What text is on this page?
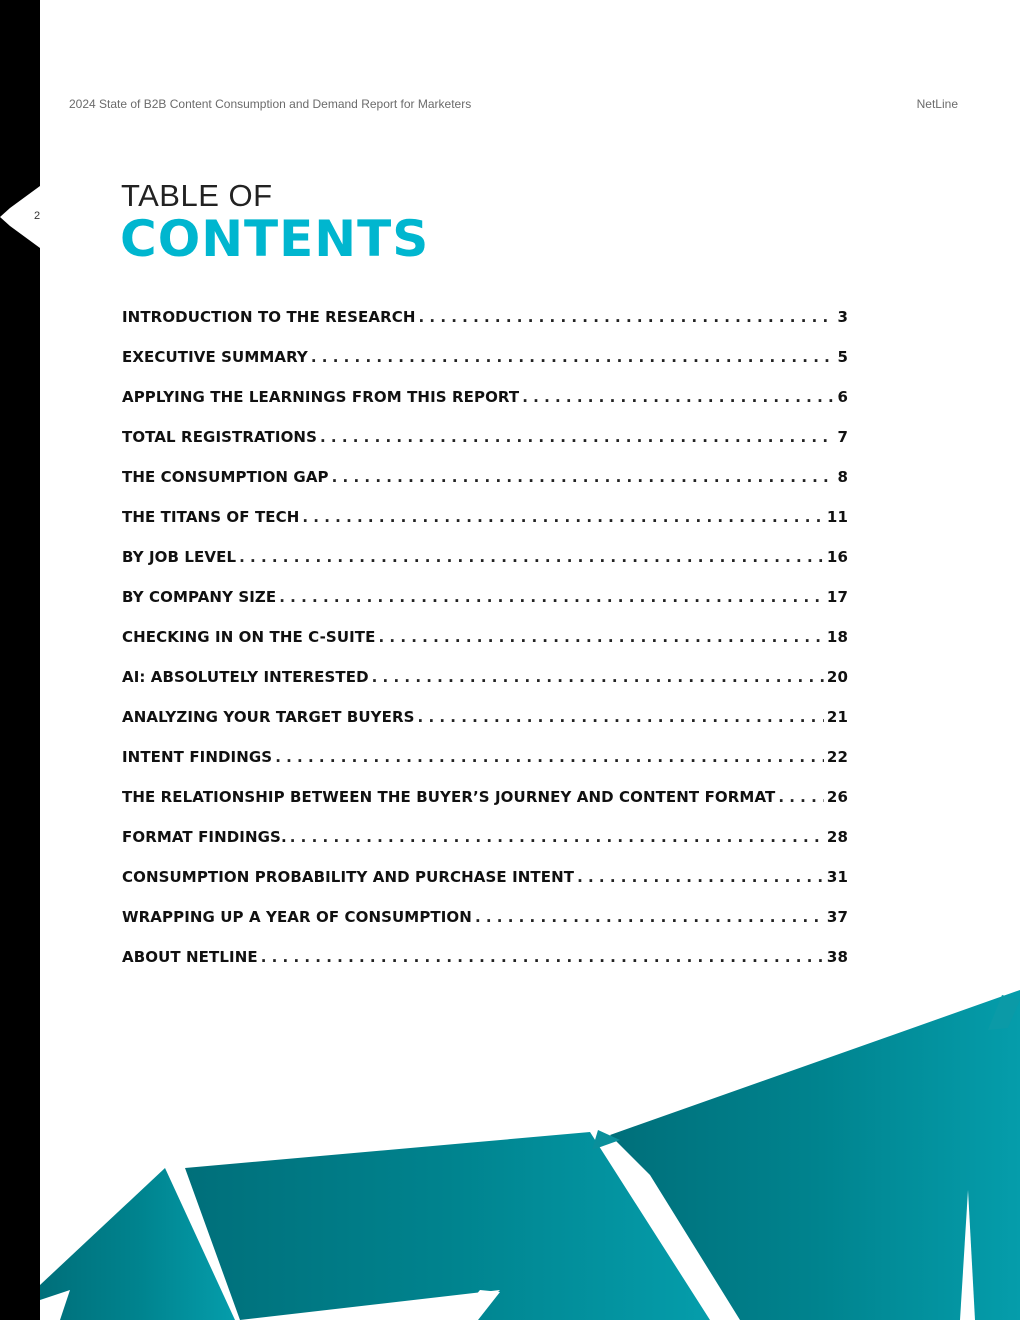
2
2024 State of B2B Content Consumption and Demand Report for Marketers	NetLine
TABLE OF
CONTENTS
INTRODUCTION TO THE RESEARCH . . .	3
EXECUTIVE SUMMARY . . .	5
APPLYING THE LEARNINGS FROM THIS REPORT . . .	6
TOTAL REGISTRATIONS . . .	7
THE CONSUMPTION GAP . . .	8
THE TITANS OF TECH . . .	11
BY JOB LEVEL . . .	16
BY COMPANY SIZE . . .	17
CHECKING IN ON THE C-SUITE . . .	18
AI: ABSOLUTELY INTERESTED . . .	20
ANALYZING YOUR TARGET BUYERS . . .	21
INTENT FINDINGS . . .	22
THE RELATIONSHIP BETWEEN THE BUYER’S JOURNEY AND CONTENT FORMAT . . .	26
FORMAT FINDINGS. . . .	28
CONSUMPTION PROBABILITY AND PURCHASE INTENT . . .	31
WRAPPING UP A YEAR OF CONSUMPTION . . .	37
ABOUT NETLINE . . .	38
